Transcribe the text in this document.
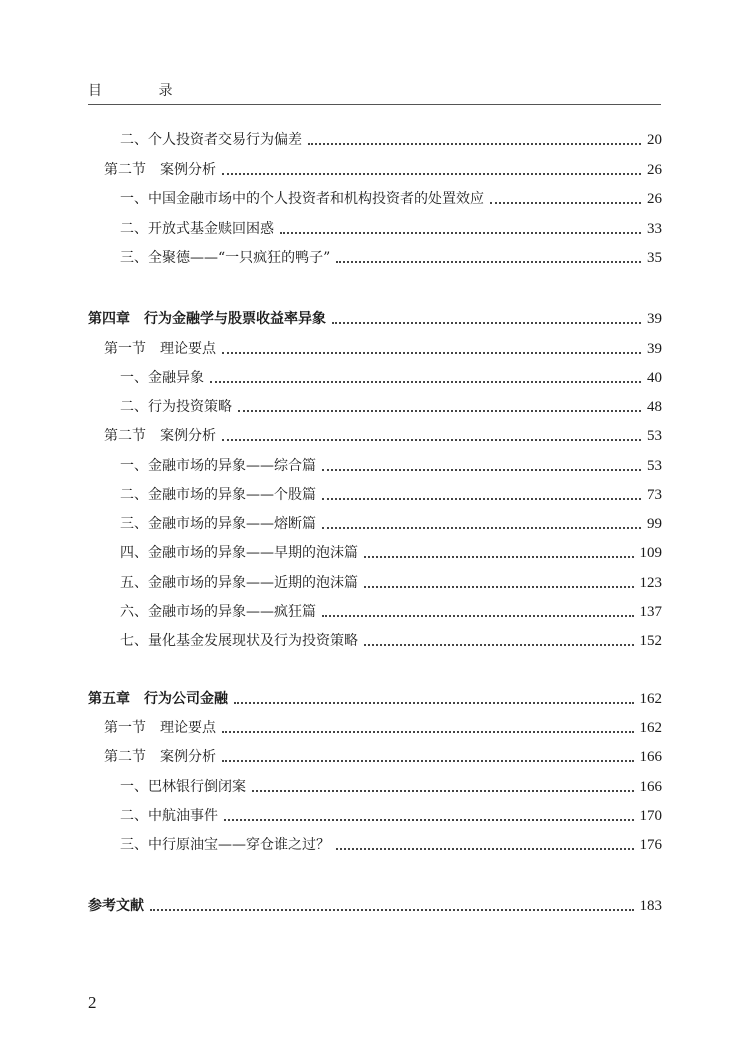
目 录
二、个人投资者交易行为偏差	20
第二节　案例分析	26
一、中国金融市场中的个人投资者和机构投资者的处置效应	26
二、开放式基金赎回困惑	33
三、全聚德——“一只疯狂的鸭子”	35
第四章　行为金融学与股票收益率异象	39
第一节　理论要点	39
一、金融异象	40
二、行为投资策略	48
第二节　案例分析	53
一、金融市场的异象——综合篇	53
二、金融市场的异象——个股篇	73
三、金融市场的异象——熔断篇	99
四、金融市场的异象——早期的泡沫篇	109
五、金融市场的异象——近期的泡沫篇	123
六、金融市场的异象——疯狂篇	137
七、量化基金发展现状及行为投资策略	152
第五章　行为公司金融	162
第一节　理论要点	162
第二节　案例分析	166
一、巴林银行倒闭案	166
二、中航油事件	170
三、中行原油宝——穿仓谁之过？	176
参考文献	183
2
